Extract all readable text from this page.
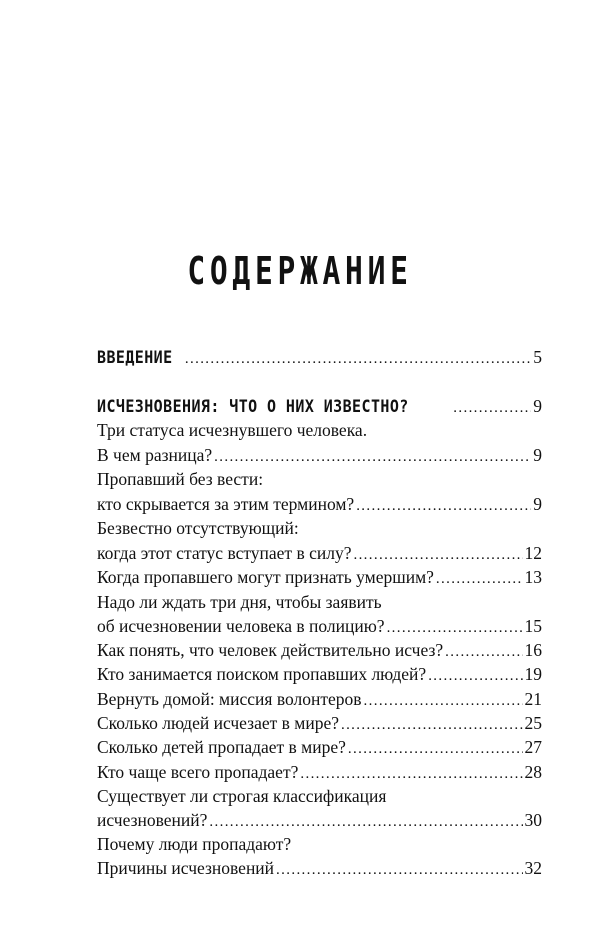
СОДЕРЖАНИЕ
ВВЕДЕНИЕ . . .	5
ИСЧЕЗНОВЕНИЯ: ЧТО О НИХ ИЗВЕСТНО? . . .	9
Три статуса исчезнувшего человека.
В чем разница? . . .	9
Пропавший без вести:
кто скрывается за этим термином? . . .	9
Безвестно отсутствующий:
когда этот статус вступает в силу? . . .	12
Когда пропавшего могут признать умершим? . . .	13
Надо ли ждать три дня, чтобы заявить
об исчезновении человека в полицию? . . .	15
Как понять, что человек действительно исчез? . . .	16
Кто занимается поиском пропавших людей? . . .	19
Вернуть домой: миссия волонтеров . . .	21
Сколько людей исчезает в мире? . . .	25
Сколько детей пропадает в мире? . . .	27
Кто чаще всего пропадает? . . .	28
Существует ли строгая классификация
исчезновений? . . .	30
Почему люди пропадают?
Причины исчезновений . . .	32
